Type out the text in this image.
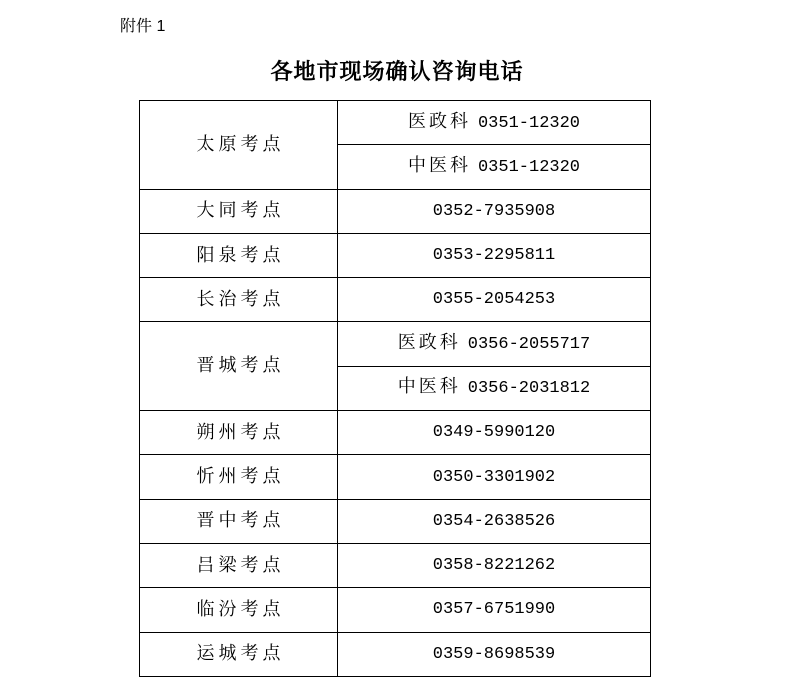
附件 1
各地市现场确认咨询电话
太原考点	医政科 0351-12320
	中医科 0351-12320
大同考点	0352-7935908
阳泉考点	0353-2295811
长治考点	0355-2054253
晋城考点	医政科 0356-2055717
	中医科 0356-2031812
朔州考点	0349-5990120
忻州考点	0350-3301902
晋中考点	0354-2638526
吕梁考点	0358-8221262
临汾考点	0357-6751990
运城考点	0359-8698539
